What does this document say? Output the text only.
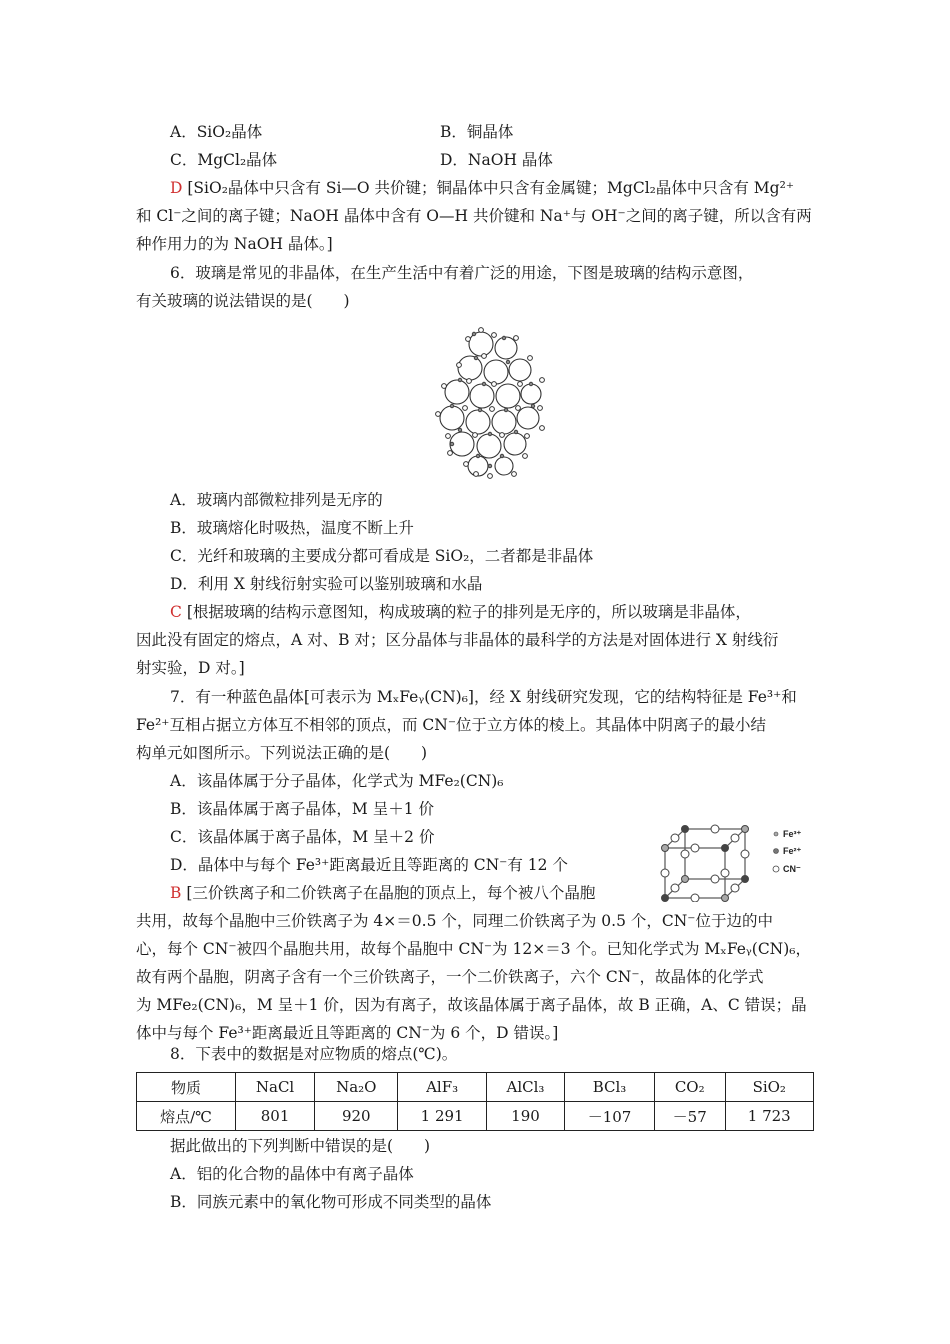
A．SiO₂晶体	B．铜晶体
C．MgCl₂晶体	D．NaOH 晶体
D [SiO₂晶体中只含有 Si—O 共价键；铜晶体中只含有金属键；MgCl₂晶体中只含有 Mg²⁺
和 Cl⁻之间的离子键；NaOH 晶体中含有 O—H 共价键和 Na⁺与 OH⁻之间的离子键，所以含有两
种作用力的为 NaOH 晶体。]
6．玻璃是常见的非晶体，在生产生活中有着广泛的用途，下图是玻璃的结构示意图，
有关玻璃的说法错误的是(　　)
A．玻璃内部微粒排列是无序的
B．玻璃熔化时吸热，温度不断上升
C．光纤和玻璃的主要成分都可看成是 SiO₂，二者都是非晶体
D．利用 X 射线衍射实验可以鉴别玻璃和水晶
C [根据玻璃的结构示意图知，构成玻璃的粒子的排列是无序的，所以玻璃是非晶体，
因此没有固定的熔点，A 对、B 对；区分晶体与非晶体的最科学的方法是对固体进行 X 射线衍
射实验，D 对。]
7．有一种蓝色晶体[可表示为 MₓFeᵧ(CN)₆]，经 X 射线研究发现，它的结构特征是 Fe³⁺和
Fe²⁺互相占据立方体互不相邻的顶点，而 CN⁻位于立方体的棱上。其晶体中阴离子的最小结
构单元如图所示。下列说法正确的是(　　)
A．该晶体属于分子晶体，化学式为 MFe₂(CN)₆
B．该晶体属于离子晶体，M 呈＋1 价
C．该晶体属于离子晶体，M 呈＋2 价
D．晶体中与每个 Fe³⁺距离最近且等距离的 CN⁻有 12 个
B [三价铁离子和二价铁离子在晶胞的顶点上，每个被八个晶胞
共用，故每个晶胞中三价铁离子为 4×＝0.5 个，同理二价铁离子为 0.5 个，CN⁻位于边的中
心，每个 CN⁻被四个晶胞共用，故每个晶胞中 CN⁻为 12×＝3 个。已知化学式为 MₓFeᵧ(CN)₆，
故有两个晶胞，阴离子含有一个三价铁离子，一个二价铁离子，六个 CN⁻，故晶体的化学式
为 MFe₂(CN)₆，M 呈＋1 价，因为有离子，故该晶体属于离子晶体，故 B 正确，A、C 错误；晶
体中与每个 Fe³⁺距离最近且等距离的 CN⁻为 6 个，D 错误。]
Fe³⁺
Fe²⁺
CN⁻
8．下表中的数据是对应物质的熔点(℃)。
物质	NaCl	Na₂O	AlF₃	AlCl₃	BCl₃	CO₂	SiO₂
熔点/℃	801	920	1 291	190	－107	－57	1 723
据此做出的下列判断中错误的是(　　)
A．铝的化合物的晶体中有离子晶体
B．同族元素中的氧化物可形成不同类型的晶体
